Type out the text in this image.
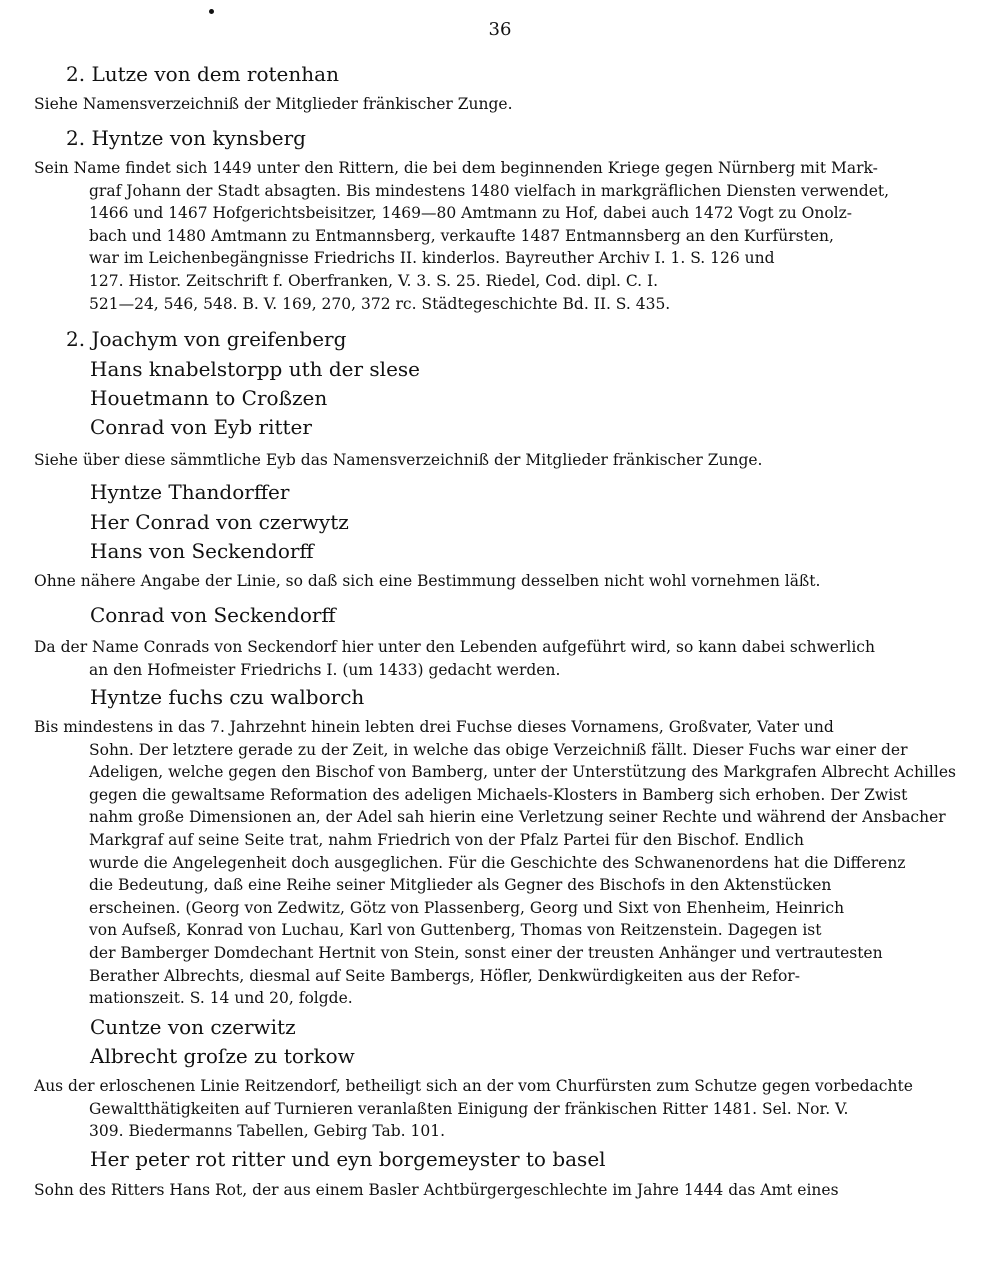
36
2. Lutze von dem rotenhan
Siehe Namensverzeichniß der Mitglieder fränkischer Zunge.
2. Hyntze von kynsberg
Sein Name findet sich 1449 unter den Rittern, die bei dem beginnenden Kriege gegen Nürnberg mit Mark-
graf Johann der Stadt absagten. Bis mindestens 1480 vielfach in markgräflichen Diensten verwendet,
1466 und 1467 Hofgerichtsbeisitzer, 1469—80 Amtmann zu Hof, dabei auch 1472 Vogt zu Onolz-
bach und 1480 Amtmann zu Entmannsberg, verkaufte 1487 Entmannsberg an den Kurfürsten,
war im Leichenbegängnisse Friedrichs II. kinderlos. Bayreuther Archiv I. 1. S. 126 und
127. Histor. Zeitschrift f. Oberfranken, V. 3. S. 25. Riedel, Cod. dipl. C. I.
521—24, 546, 548. B. V. 169, 270, 372 rc. Städtegeschichte Bd. II. S. 435.
2. Joachym von greifenberg
Hans knabelstorpp uth der slese
Houetmann to Croßzen
Conrad von Eyb ritter
Siehe über diese sämmtliche Eyb das Namensverzeichniß der Mitglieder fränkischer Zunge.
Hyntze Thandorffer
Her Conrad von czerwytz
Hans von Seckendorff
Ohne nähere Angabe der Linie, so daß sich eine Bestimmung desselben nicht wohl vornehmen läßt.
Conrad von Seckendorff
Da der Name Conrads von Seckendorf hier unter den Lebenden aufgeführt wird, so kann dabei schwerlich
an den Hofmeister Friedrichs I. (um 1433) gedacht werden.
Hyntze fuchs czu walborch
Bis mindestens in das 7. Jahrzehnt hinein lebten drei Fuchse dieses Vornamens, Großvater, Vater und
Sohn. Der letztere gerade zu der Zeit, in welche das obige Verzeichniß fällt. Dieser Fuchs war einer der
Adeligen, welche gegen den Bischof von Bamberg, unter der Unterstützung des Markgrafen Albrecht Achilles
gegen die gewaltsame Reformation des adeligen Michaels-Klosters in Bamberg sich erhoben. Der Zwist
nahm große Dimensionen an, der Adel sah hierin eine Verletzung seiner Rechte und während der Ansbacher
Markgraf auf seine Seite trat, nahm Friedrich von der Pfalz Partei für den Bischof. Endlich
wurde die Angelegenheit doch ausgeglichen. Für die Geschichte des Schwanenordens hat die Differenz
die Bedeutung, daß eine Reihe seiner Mitglieder als Gegner des Bischofs in den Aktenstücken
erscheinen. (Georg von Zedwitz, Götz von Plassenberg, Georg und Sixt von Ehenheim, Heinrich
von Aufseß, Konrad von Luchau, Karl von Guttenberg, Thomas von Reitzenstein. Dagegen ist
der Bamberger Domdechant Hertnit von Stein, sonst einer der treusten Anhänger und vertrautesten
Berather Albrechts, diesmal auf Seite Bambergs, Höfler, Denkwürdigkeiten aus der Refor-
mationszeit. S. 14 und 20, folgde.
Cuntze von czerwitz
Albrecht groſze zu torkow
Aus der erloschenen Linie Reitzendorf, betheiligt sich an der vom Churfürsten zum Schutze gegen vorbedachte
Gewaltthätigkeiten auf Turnieren veranlaßten Einigung der fränkischen Ritter 1481. Sel. Nor. V.
309. Biedermanns Tabellen, Gebirg Tab. 101.
Her peter rot ritter und eyn borgemeyster to basel
Sohn des Ritters Hans Rot, der aus einem Basler Achtbürgergeschlechte im Jahre 1444 das Amt eines
